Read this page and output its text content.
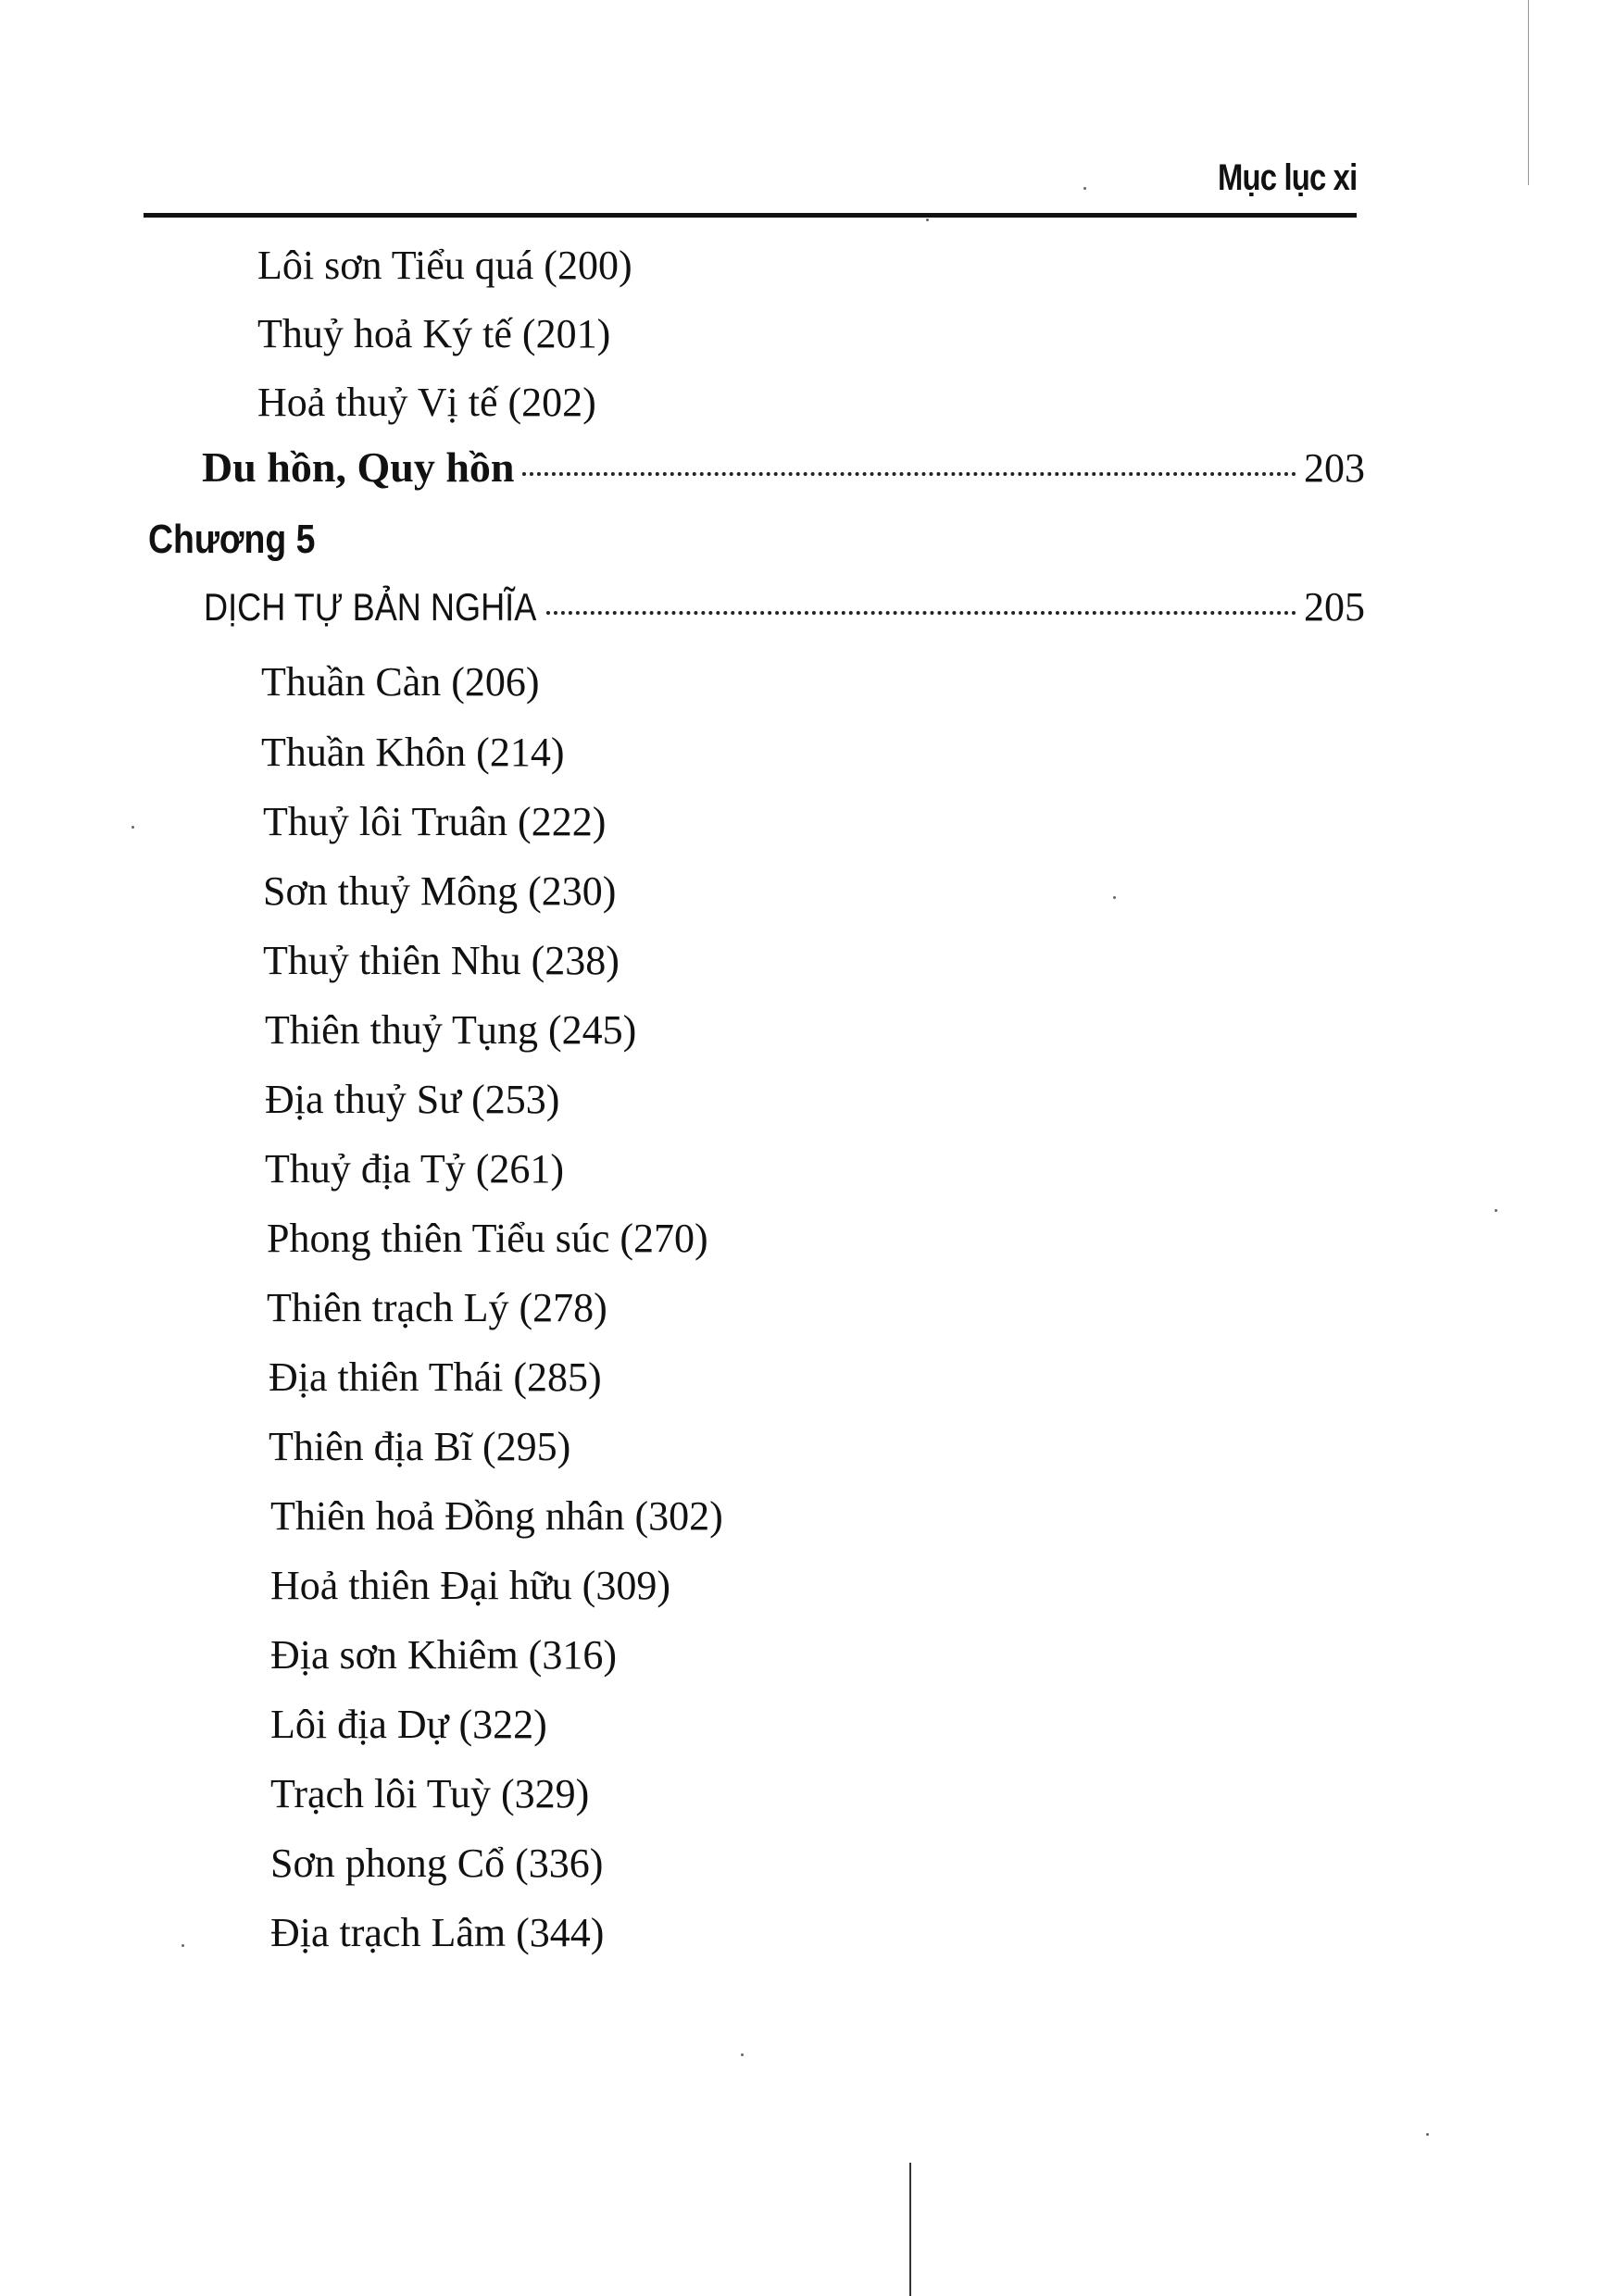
Mục lục xi
Lôi sơn Tiểu quá (200)
Thuỷ hoả Ký tế (201)
Hoả thuỷ Vị tế (202)
Du hồn, Quy hồn	203
Chương 5
DỊCH TỰ BẢN NGHĨA	205
Thuần Càn (206)
Thuần Khôn (214)
Thuỷ lôi Truân (222)
Sơn thuỷ Mông (230)
Thuỷ thiên Nhu (238)
Thiên thuỷ Tụng (245)
Địa thuỷ Sư (253)
Thuỷ địa Tỷ (261)
Phong thiên Tiểu súc (270)
Thiên trạch Lý (278)
Địa thiên Thái (285)
Thiên địa Bĩ (295)
Thiên hoả Đồng nhân (302)
Hoả thiên Đại hữu (309)
Địa sơn Khiêm (316)
Lôi địa Dự (322)
Trạch lôi Tuỳ (329)
Sơn phong Cổ (336)
Địa trạch Lâm (344)
